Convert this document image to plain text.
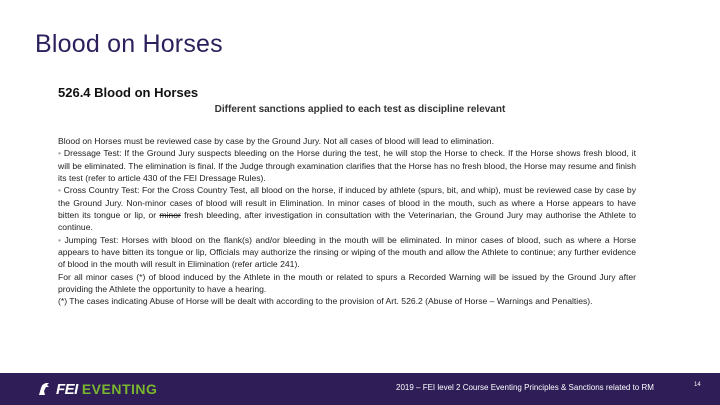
Blood on Horses
526.4 Blood on Horses

Different sanctions applied to each test as discipline relevant

Blood on Horses must be reviewed case by case by the Ground Jury. Not all cases of blood will lead to elimination.

• Dressage Test: If the Ground Jury suspects bleeding on the Horse during the test, he will stop the Horse to check. If the Horse shows fresh blood, it will be eliminated. The elimination is final. If the Judge through examination clarifies that the Horse has no fresh blood, the Horse may resume and finish its test (refer to article 430 of the FEI Dressage Rules).

• Cross Country Test: For the Cross Country Test, all blood on the horse, if induced by athlete (spurs, bit, and whip), must be reviewed case by case by the Ground Jury. Non-minor cases of blood will result in Elimination. In minor cases of blood in the mouth, such as where a Horse appears to have bitten its tongue or lip, or minor fresh bleeding, after investigation in consultation with the Veterinarian, the Ground Jury may authorise the Athlete to continue.

• Jumping Test: Horses with blood on the flank(s) and/or bleeding in the mouth will be eliminated. In minor cases of blood, such as where a Horse appears to have bitten its tongue or lip, Officials may authorize the rinsing or wiping of the mouth and allow the Athlete to continue; any further evidence of blood in the mouth will result in Elimination (refer article 241).

For all minor cases (*) of blood induced by the Athlete in the mouth or related to spurs a Recorded Warning will be issued by the Ground Jury after providing the Athlete the opportunity to have a hearing.

(*) The cases indicating Abuse of Horse will be dealt with according to the provision of Art. 526.2 (Abuse of Horse – Warnings and Penalties).

FEI EVENTING	2019 – FEI level 2 Course Eventing Principles & Sanctions related to RM	14
